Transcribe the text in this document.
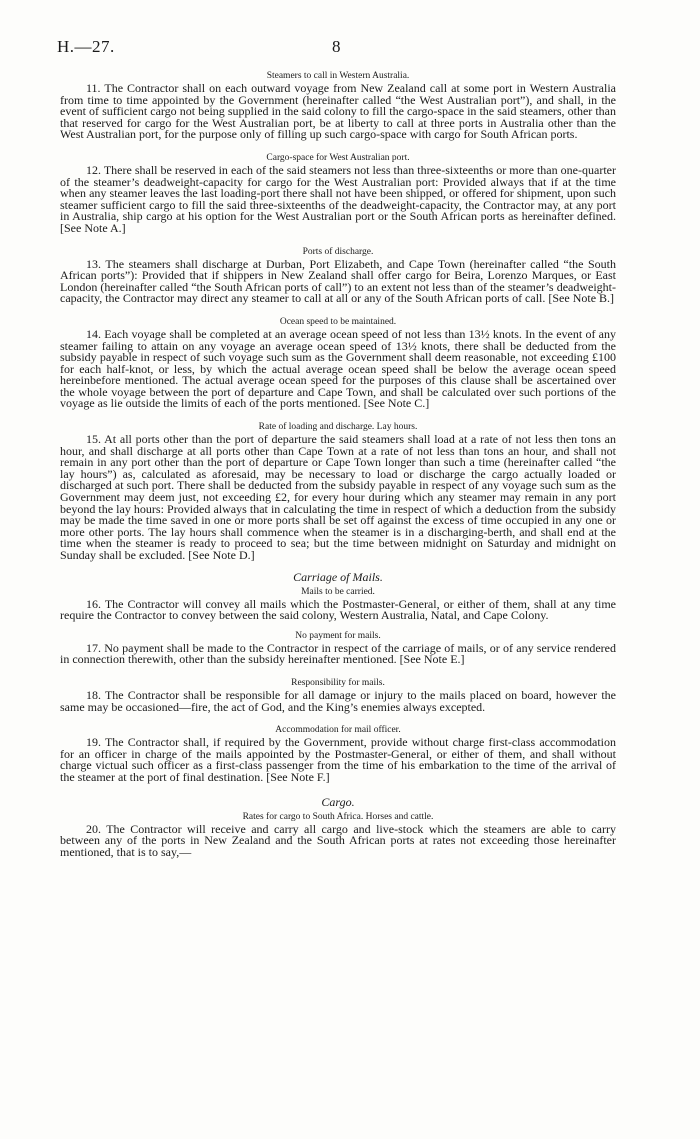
H.—27.	8

Steamers to call in Western Australia.

11. The Contractor shall on each outward voyage from New Zealand call at some port in Western Australia from time to time appointed by the Government (hereinafter called “the West Australian port”), and shall, in the event of sufficient cargo not being supplied in the said colony to fill the cargo-space in the said steamers, other than that reserved for cargo for the West Australian port, be at liberty to call at three ports in Australia other than the West Australian port, for the purpose only of filling up such cargo-space with cargo for South African ports.

Cargo-space for West Australian port.

12. There shall be reserved in each of the said steamers not less than three-sixteenths or more than one-quarter of the steamer’s deadweight-capacity for cargo for the West Australian port: Provided always that if at the time when any steamer leaves the last loading-port there shall not have been shipped, or offered for shipment, upon such steamer sufficient cargo to fill the said three-sixteenths of the deadweight-capacity, the Contractor may, at any port in Australia, ship cargo at his option for the West Australian port or the South African ports as hereinafter defined. [See Note A.]

Ports of discharge.

13. The steamers shall discharge at Durban, Port Elizabeth, and Cape Town (hereinafter called “the South African ports”): Provided that if shippers in New Zealand shall offer cargo for Beira, Lorenzo Marques, or East London (hereinafter called “the South African ports of call”) to an extent not less than of the steamer’s deadweight-capacity, the Contractor may direct any steamer to call at all or any of the South African ports of call. [See Note B.]

Ocean speed to be maintained.

14. Each voyage shall be completed at an average ocean speed of not less than 13½ knots. In the event of any steamer failing to attain on any voyage an average ocean speed of 13½ knots, there shall be deducted from the subsidy payable in respect of such voyage such sum as the Government shall deem reasonable, not exceeding £100 for each half-knot, or less, by which the actual average ocean speed shall be below the average ocean speed hereinbefore mentioned. The actual average ocean speed for the purposes of this clause shall be ascertained over the whole voyage between the port of departure and Cape Town, and shall be calculated over such portions of the voyage as lie outside the limits of each of the ports mentioned. [See Note C.]

Rate of loading and discharge. Lay hours.

15. At all ports other than the port of departure the said steamers shall load at a rate of not less then tons an hour, and shall discharge at all ports other than Cape Town at a rate of not less than tons an hour, and shall not remain in any port other than the port of departure or Cape Town longer than such a time (hereinafter called “the lay hours”) as, calculated as aforesaid, may be necessary to load or discharge the cargo actually loaded or discharged at such port. There shall be deducted from the subsidy payable in respect of any voyage such sum as the Government may deem just, not exceeding £2, for every hour during which any steamer may remain in any port beyond the lay hours: Provided always that in calculating the time in respect of which a deduction from the subsidy may be made the time saved in one or more ports shall be set off against the excess of time occupied in any one or more other ports. The lay hours shall commence when the steamer is in a discharging-berth, and shall end at the time when the steamer is ready to proceed to sea; but the time between midnight on Saturday and midnight on Sunday shall be excluded. [See Note D.]

Carriage of Mails.

Mails to be carried.

16. The Contractor will convey all mails which the Postmaster-General, or either of them, shall at any time require the Contractor to convey between the said colony, Western Australia, Natal, and Cape Colony.

No payment for mails.

17. No payment shall be made to the Contractor in respect of the carriage of mails, or of any service rendered in connection therewith, other than the subsidy hereinafter mentioned. [See Note E.]

Responsibility for mails.

18. The Contractor shall be responsible for all damage or injury to the mails placed on board, however the same may be occasioned—fire, the act of God, and the King’s enemies always excepted.

Accommodation for mail officer.

19. The Contractor shall, if required by the Government, provide without charge first-class accommodation for an officer in charge of the mails appointed by the Postmaster-General, or either of them, and shall without charge victual such officer as a first-class passenger from the time of his embarkation to the time of the arrival of the steamer at the port of final destination. [See Note F.]

Cargo.

Rates for cargo to South Africa. Horses and cattle.

20. The Contractor will receive and carry all cargo and live-stock which the steamers are able to carry between any of the ports in New Zealand and the South African ports at rates not exceeding those hereinafter mentioned, that is to say,—
